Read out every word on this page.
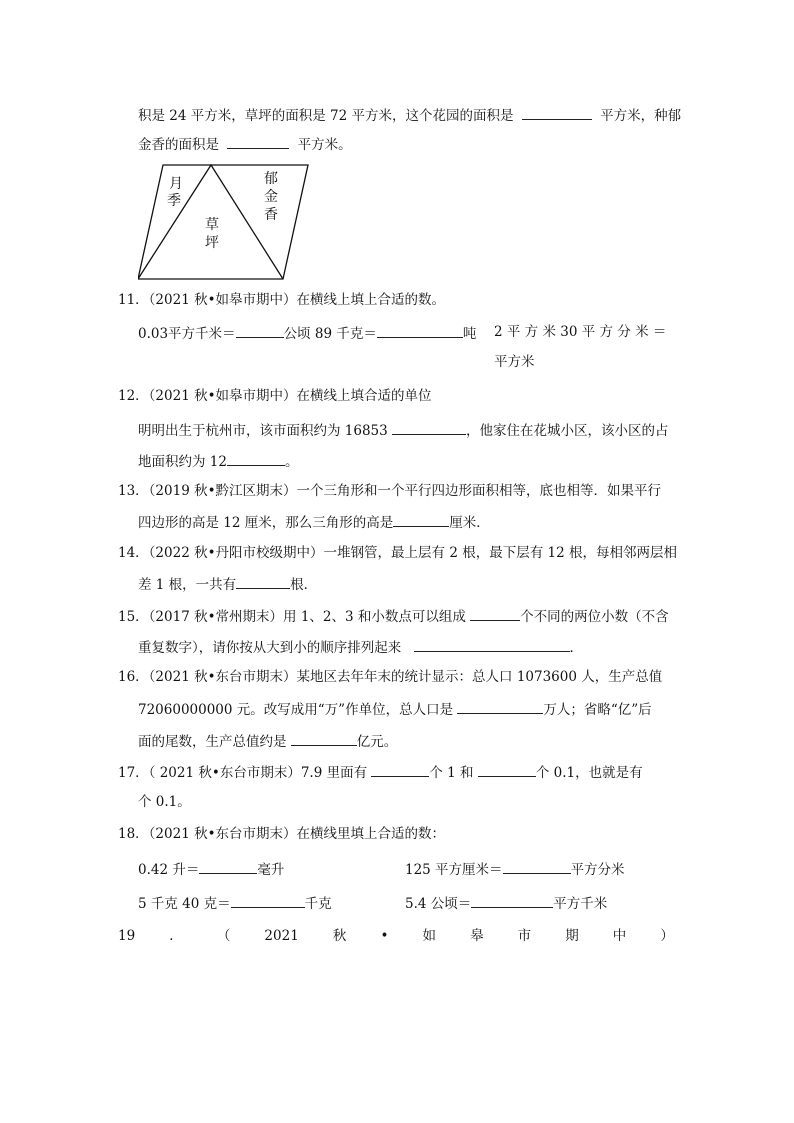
积是 24 平方米，草坪的面积是 72 平方米，这个花园的面积是	平方米，种郁
金香的面积是	平方米。
月
季
草
坪
郁
金
香
11．（2021 秋•如皋市期中）在横线上填上合适的数。
0.03平方千米＝	公顷 89 千克＝	吨 2 平 方 米 30 平 方 分 米 ＝
平方米
12．（2021 秋•如皋市期中）在横线上填合适的单位
明明出生于杭州市，该市面积约为 16853	，他家住在花城小区，该小区的占
地面积约为 12	。
13．（2019 秋•黔江区期末）一个三角形和一个平行四边形面积相等，底也相等．如果平行
四边形的高是 12 厘米，那么三角形的高是	厘米．
14．（2022 秋•丹阳市校级期中）一堆钢管，最上层有 2 根，最下层有 12 根，每相邻两层相
差 1 根，一共有	根．
15．（2017 秋•常州期末）用 1、2、3 和小数点可以组成	个不同的两位小数（不含
重复数字），请你按从大到小的顺序排列起来	．
16．（2021 秋•东台市期末）某地区去年年末的统计显示：总人口 1073600 人，生产总值
72060000000 元。改写成用“万”作单位，总人口是	万人；省略“亿”后
面的尾数，生产总值约是	亿元。
17．（ 2021 秋•东台市期末）7.9 里面有	个 1 和	个 0.1，也就是有
个 0.1。
18．（2021 秋•东台市期末）在横线里填上合适的数：
0.42 升＝	毫升	125 平方厘米＝	平方分米
5 千克 40 克＝	千克	5.4 公顷＝	平方千米
19	．	（	2021	秋	•	如	皋	市	期	中	）
